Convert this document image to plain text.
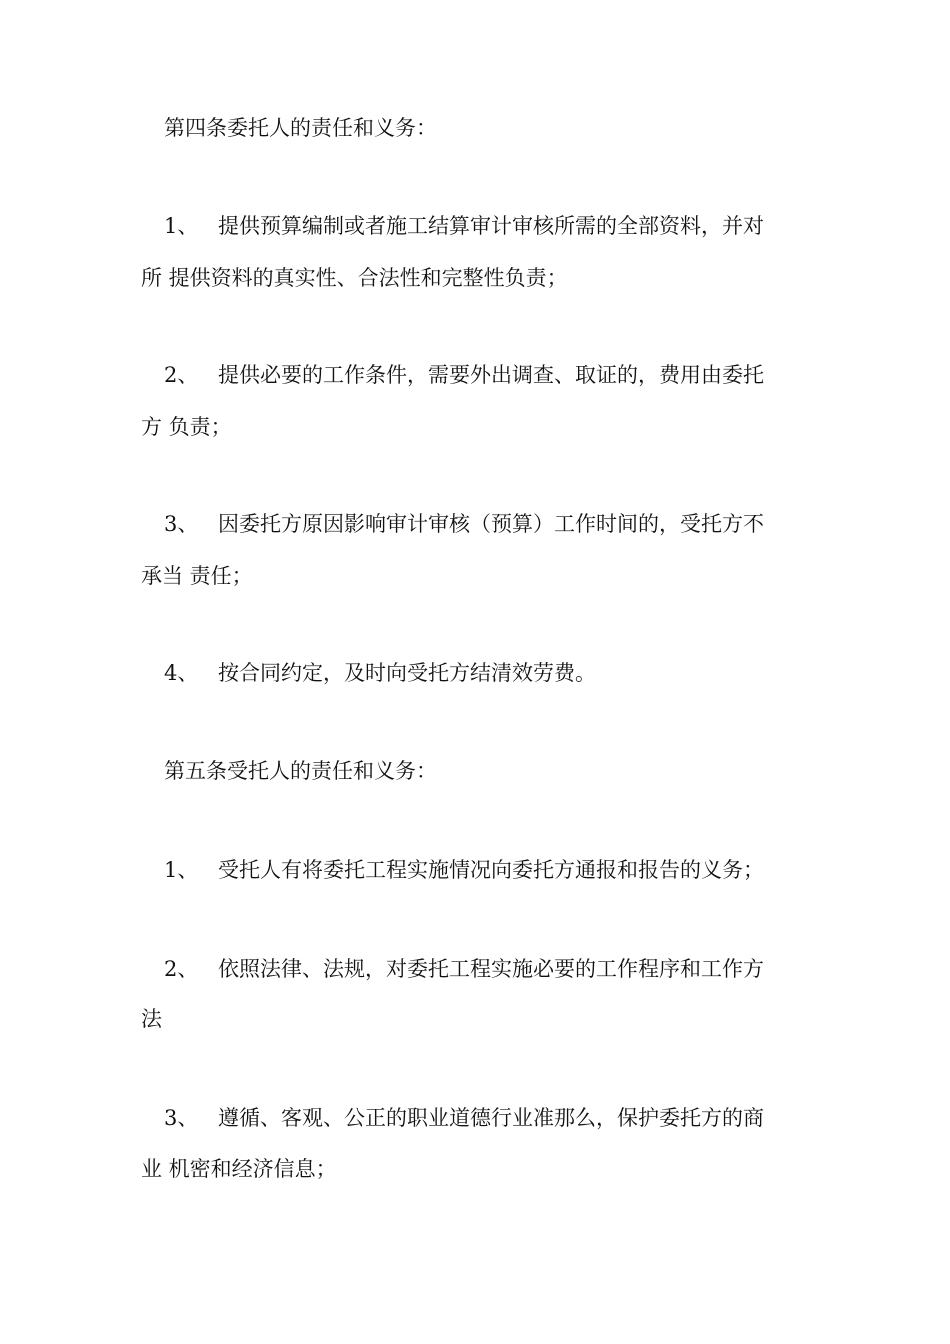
第四条委托人的责任和义务：
1、 提供预算编制或者施工结算审计审核所需的全部资料，并对
所 提供资料的真实性、合法性和完整性负责；
2、 提供必要的工作条件，需要外出调查、取证的，费用由委托
方 负责；
3、 因委托方原因影响审计审核（预算）工作时间的，受托方不
承当 责任；
4、 按合同约定，及时向受托方结清效劳费。
第五条受托人的责任和义务：
1、 受托人有将委托工程实施情况向委托方通报和报告的义务；
2、 依照法律、法规，对委托工程实施必要的工作程序和工作方
法
3、 遵循、客观、公正的职业道德行业准那么，保护委托方的商
业 机密和经济信息；
